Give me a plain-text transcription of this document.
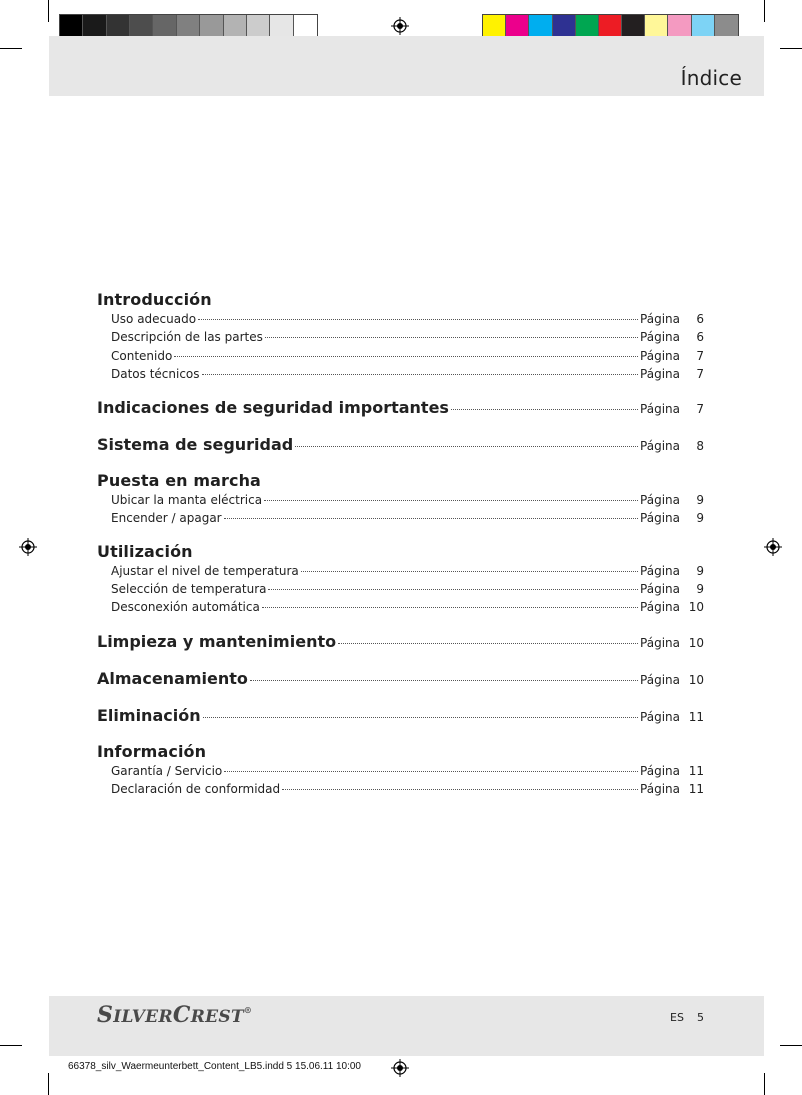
Índice
Introducción
Uso adecuado	Página	6
Descripción de las partes	Página	6
Contenido	Página	7
Datos técnicos	Página	7
Indicaciones de seguridad importantes	Página	7
Sistema de seguridad	Página	8
Puesta en marcha
Ubicar la manta eléctrica	Página	9
Encender / apagar	Página	9
Utilización
Ajustar el nivel de temperatura	Página	9
Selección de temperatura	Página	9
Desconexión automática	Página 10
Limpieza y mantenimiento	Página 10
Almacenamiento	Página 10
Eliminación	Página 11
Información
Garantía / Servicio	Página 11
Declaración de conformidad	Página 11
SILVERCREST®
ES 5
66378_silv_Waermeunterbett_Content_LB5.indd 5 15.06.11 10:00
